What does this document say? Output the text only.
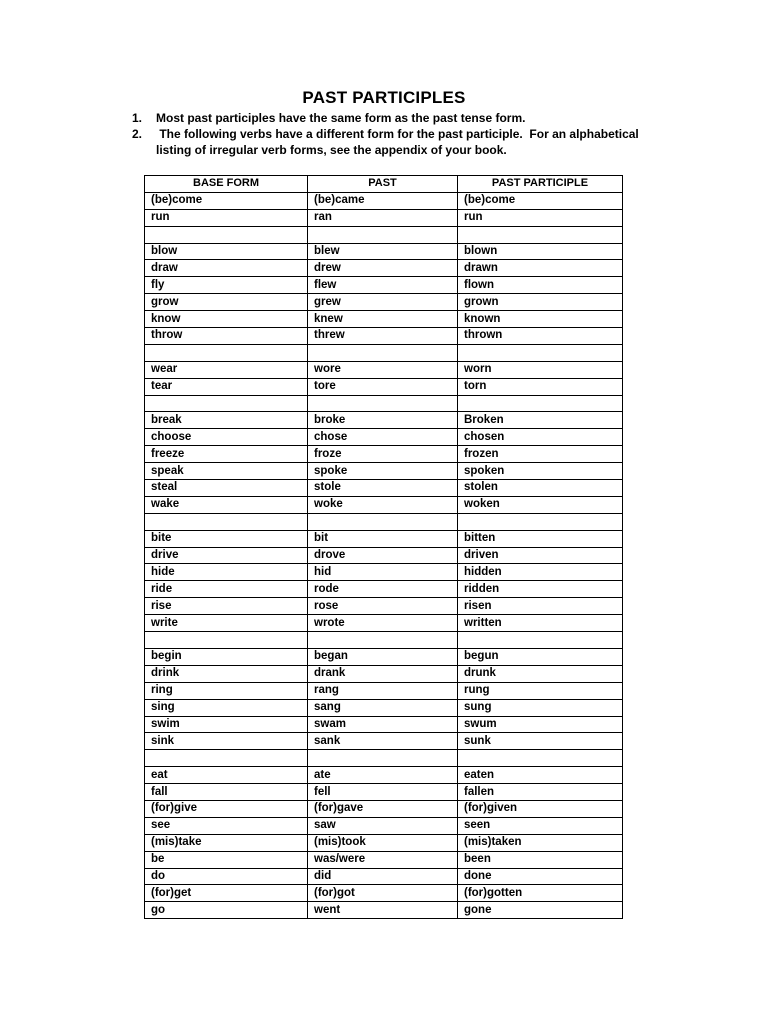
PAST PARTICIPLES
1. Most past participles have the same form as the past tense form.
2. The following verbs have a different form for the past participle.  For an alphabetical listing of irregular verb forms, see the appendix of your book.
BASE FORM	PAST	PAST PARTICIPLE
(be)come	(be)came	(be)come
run	ran	run

blow	blew	blown
draw	drew	drawn
fly	flew	flown
grow	grew	grown
know	knew	known
throw	threw	thrown

wear	wore	worn
tear	tore	torn

break	broke	Broken
choose	chose	chosen
freeze	froze	frozen
speak	spoke	spoken
steal	stole	stolen
wake	woke	woken

bite	bit	bitten
drive	drove	driven
hide	hid	hidden
ride	rode	ridden
rise	rose	risen
write	wrote	written

begin	began	begun
drink	drank	drunk
ring	rang	rung
sing	sang	sung
swim	swam	swum
sink	sank	sunk

eat	ate	eaten
fall	fell	fallen
(for)give	(for)gave	(for)given
see	saw	seen
(mis)take	(mis)took	(mis)taken
be	was/were	been
do	did	done
(for)get	(for)got	(for)gotten
go	went	gone
